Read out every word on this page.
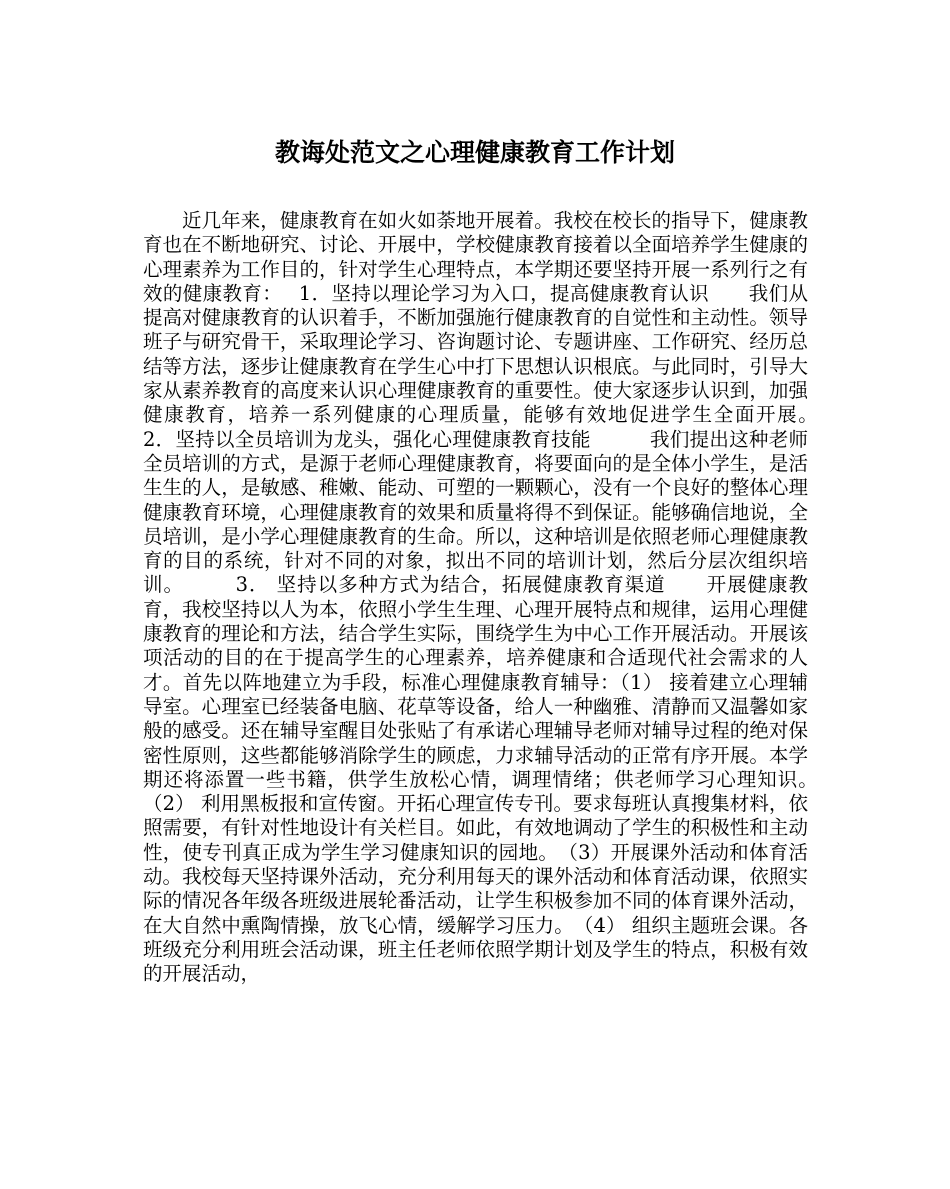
教诲处范文之心理健康教育工作计划

近几年来，健康教育在如火如荼地开展着。我校在校长的指导下，健康教育也在不断地研究、讨论、开展中，学校健康教育接着以全面培养学生健康的心理素养为工作目的，针对学生心理特点，本学期还要坚持开展一系列行之有效的健康教育：　 1．坚持以理论学习为入口，提高健康教育认识　　我们从提高对健康教育的认识着手，不断加强施行健康教育的自觉性和主动性。领导班子与研究骨干，采取理论学习、咨询题讨论、专题讲座、工作研究、经历总结等方法，逐步让健康教育在学生心中打下思想认识根底。与此同时，引导大家从素养教育的高度来认识心理健康教育的重要性。使大家逐步认识到，加强健康教育，培养一系列健康的心理质量，能够有效地促进学生全面开展。　2．坚持以全员培训为龙头，强化心理健康教育技能　　　我们提出这种老师全员培训的方式，是源于老师心理健康教育，将要面向的是全体小学生，是活生生的人，是敏感、稚嫩、能动、可塑的一颗颗心，没有一个良好的整体心理健康教育环境，心理健康教育的效果和质量将得不到保证。能够确信地说，全员培训，是小学心理健康教育的生命。所以，这种培训是依照老师心理健康教育的目的系统，针对不同的对象，拟出不同的培训计划，然后分层次组织培训。　　　3． 坚持以多种方式为结合，拓展健康教育渠道　　开展健康教育，我校坚持以人为本，依照小学生生理、心理开展特点和规律，运用心理健康教育的理论和方法，结合学生实际，围绕学生为中心工作开展活动。开展该项活动的目的在于提高学生的心理素养，培养健康和合适现代社会需求的人才。首先以阵地建立为手段，标准心理健康教育辅导：（1） 接着建立心理辅导室。心理室已经装备电脑、花草等设备，给人一种幽雅、清静而又温馨如家般的感受。还在辅导室醒目处张贴了有承诺心理辅导老师对辅导过程的绝对保密性原则，这些都能够消除学生的顾虑，力求辅导活动的正常有序开展。本学期还将添置一些书籍，供学生放松心情，调理情绪；供老师学习心理知识。　　　（2） 利用黑板报和宣传窗。开拓心理宣传专刊。要求每班认真搜集材料，依照需要，有针对性地设计有关栏目。如此，有效地调动了学生的积极性和主动性，使专刊真正成为学生学习健康知识的园地。　（3）开展课外活动和体育活动。我校每天坚持课外活动，充分利用每天的课外活动和体育活动课，依照实际的情况各年级各班级进展轮番活动，让学生积极参加不同的体育课外活动，在大自然中熏陶情操，放飞心情，缓解学习压力。　（4） 组织主题班会课。各班级充分利用班会活动课，班主任老师依照学期计划及学生的特点，积极有效的开展活动，
